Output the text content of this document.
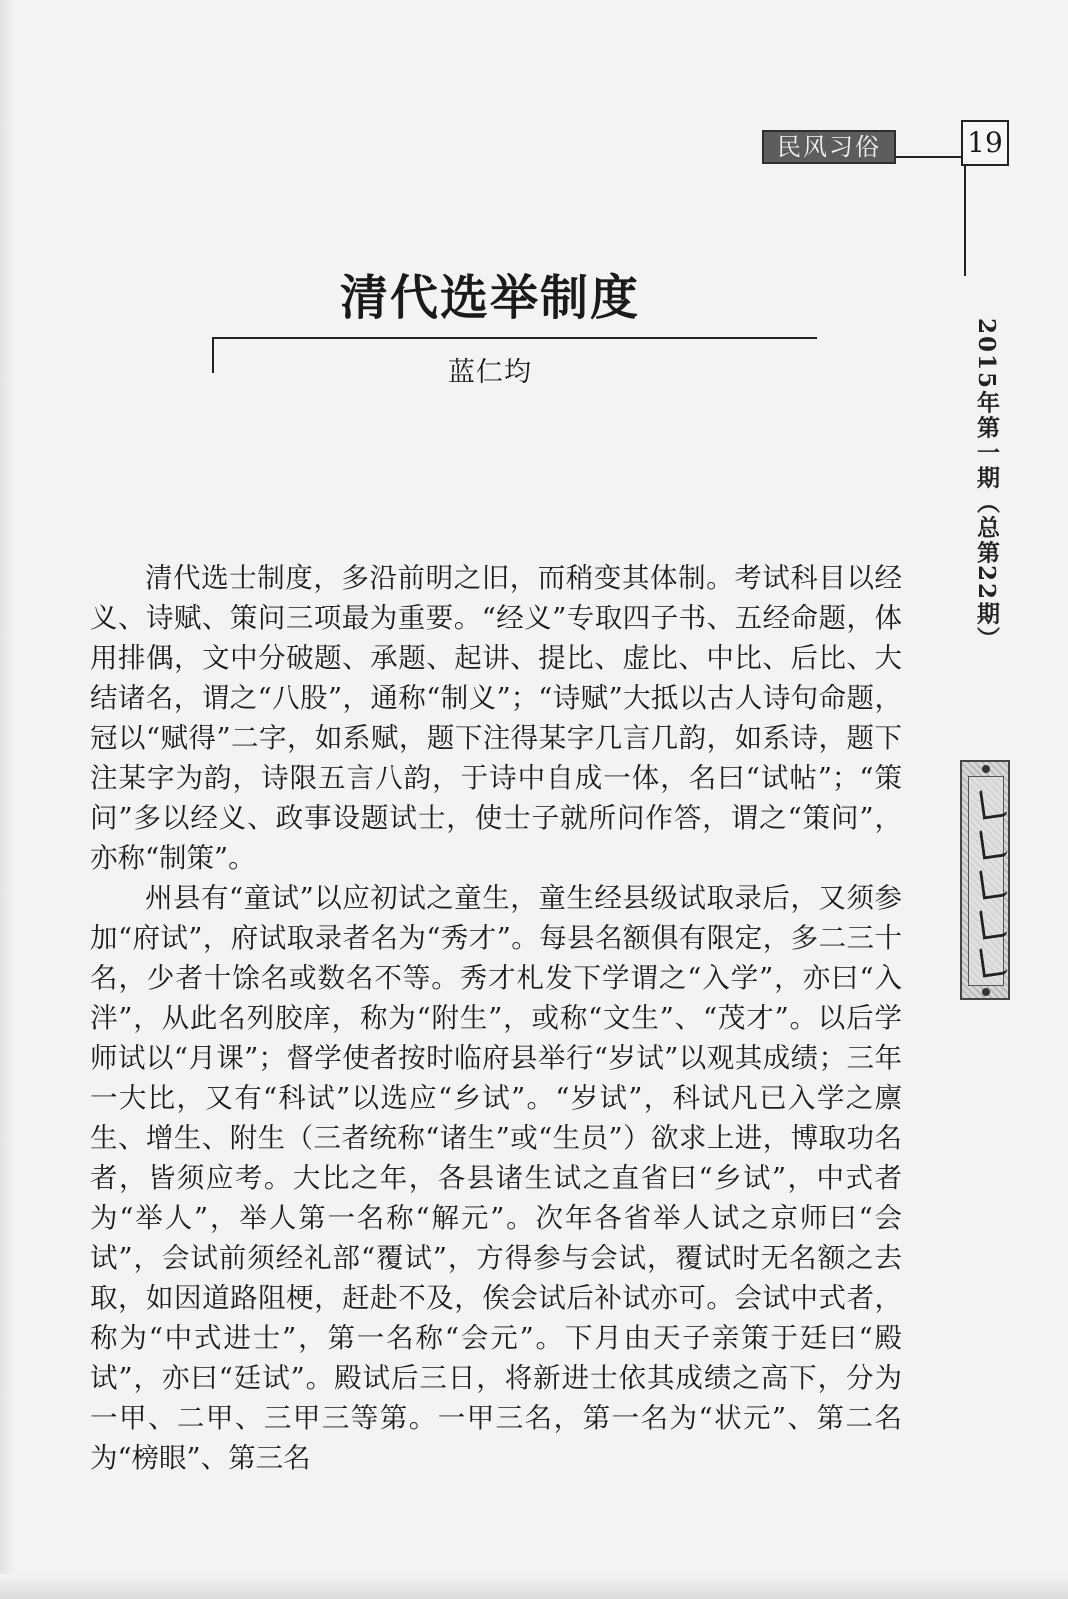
民风习俗	19
2015年第一期（总第22期）
清代选举制度
蓝仁均

清代选士制度，多沿前明之旧，而稍变其体制。考试科目以经义、诗赋、策问三项最为重要。“经义”专取四子书、五经命题，体用排偶，文中分破题、承题、起讲、提比、虚比、中比、后比、大结诸名，谓之“八股”，通称“制义”；“诗赋”大抵以古人诗句命题，冠以“赋得”二字，如系赋，题下注得某字几言几韵，如系诗，题下注某字为韵，诗限五言八韵，于诗中自成一体，名曰“试帖”；“策问”多以经义、政事设题试士，使士子就所问作答，谓之“策问”，亦称“制策”。

州县有“童试”以应初试之童生，童生经县级试取录后，又须参加“府试”，府试取录者名为“秀才”。每县名额俱有限定，多二三十名，少者十馀名或数名不等。秀才札发下学谓之“入学”，亦曰“入泮”，从此名列胶庠，称为“附生”，或称“文生”、“茂才”。以后学师试以“月课”；督学使者按时临府县举行“岁试”以观其成绩；三年一大比，又有“科试”以选应“乡试”。“岁试”，科试凡已入学之廪生、增生、附生（三者统称“诸生”或“生员”）欲求上进，博取功名者，皆须应考。大比之年，各县诸生试之直省曰“乡试”，中式者为“举人”，举人第一名称“解元”。次年各省举人试之京师曰“会试”，会试前须经礼部“覆试”，方得参与会试，覆试时无名额之去取，如因道路阻梗，赶赴不及，俟会试后补试亦可。会试中式者，称为“中式进士”，第一名称“会元”。下月由天子亲策于廷曰“殿试”，亦曰“廷试”。殿试后三日，将新进士依其成绩之高下，分为一甲、二甲、三甲三等第。一甲三名，第一名为“状元”、第二名为“榜眼”、第三名
